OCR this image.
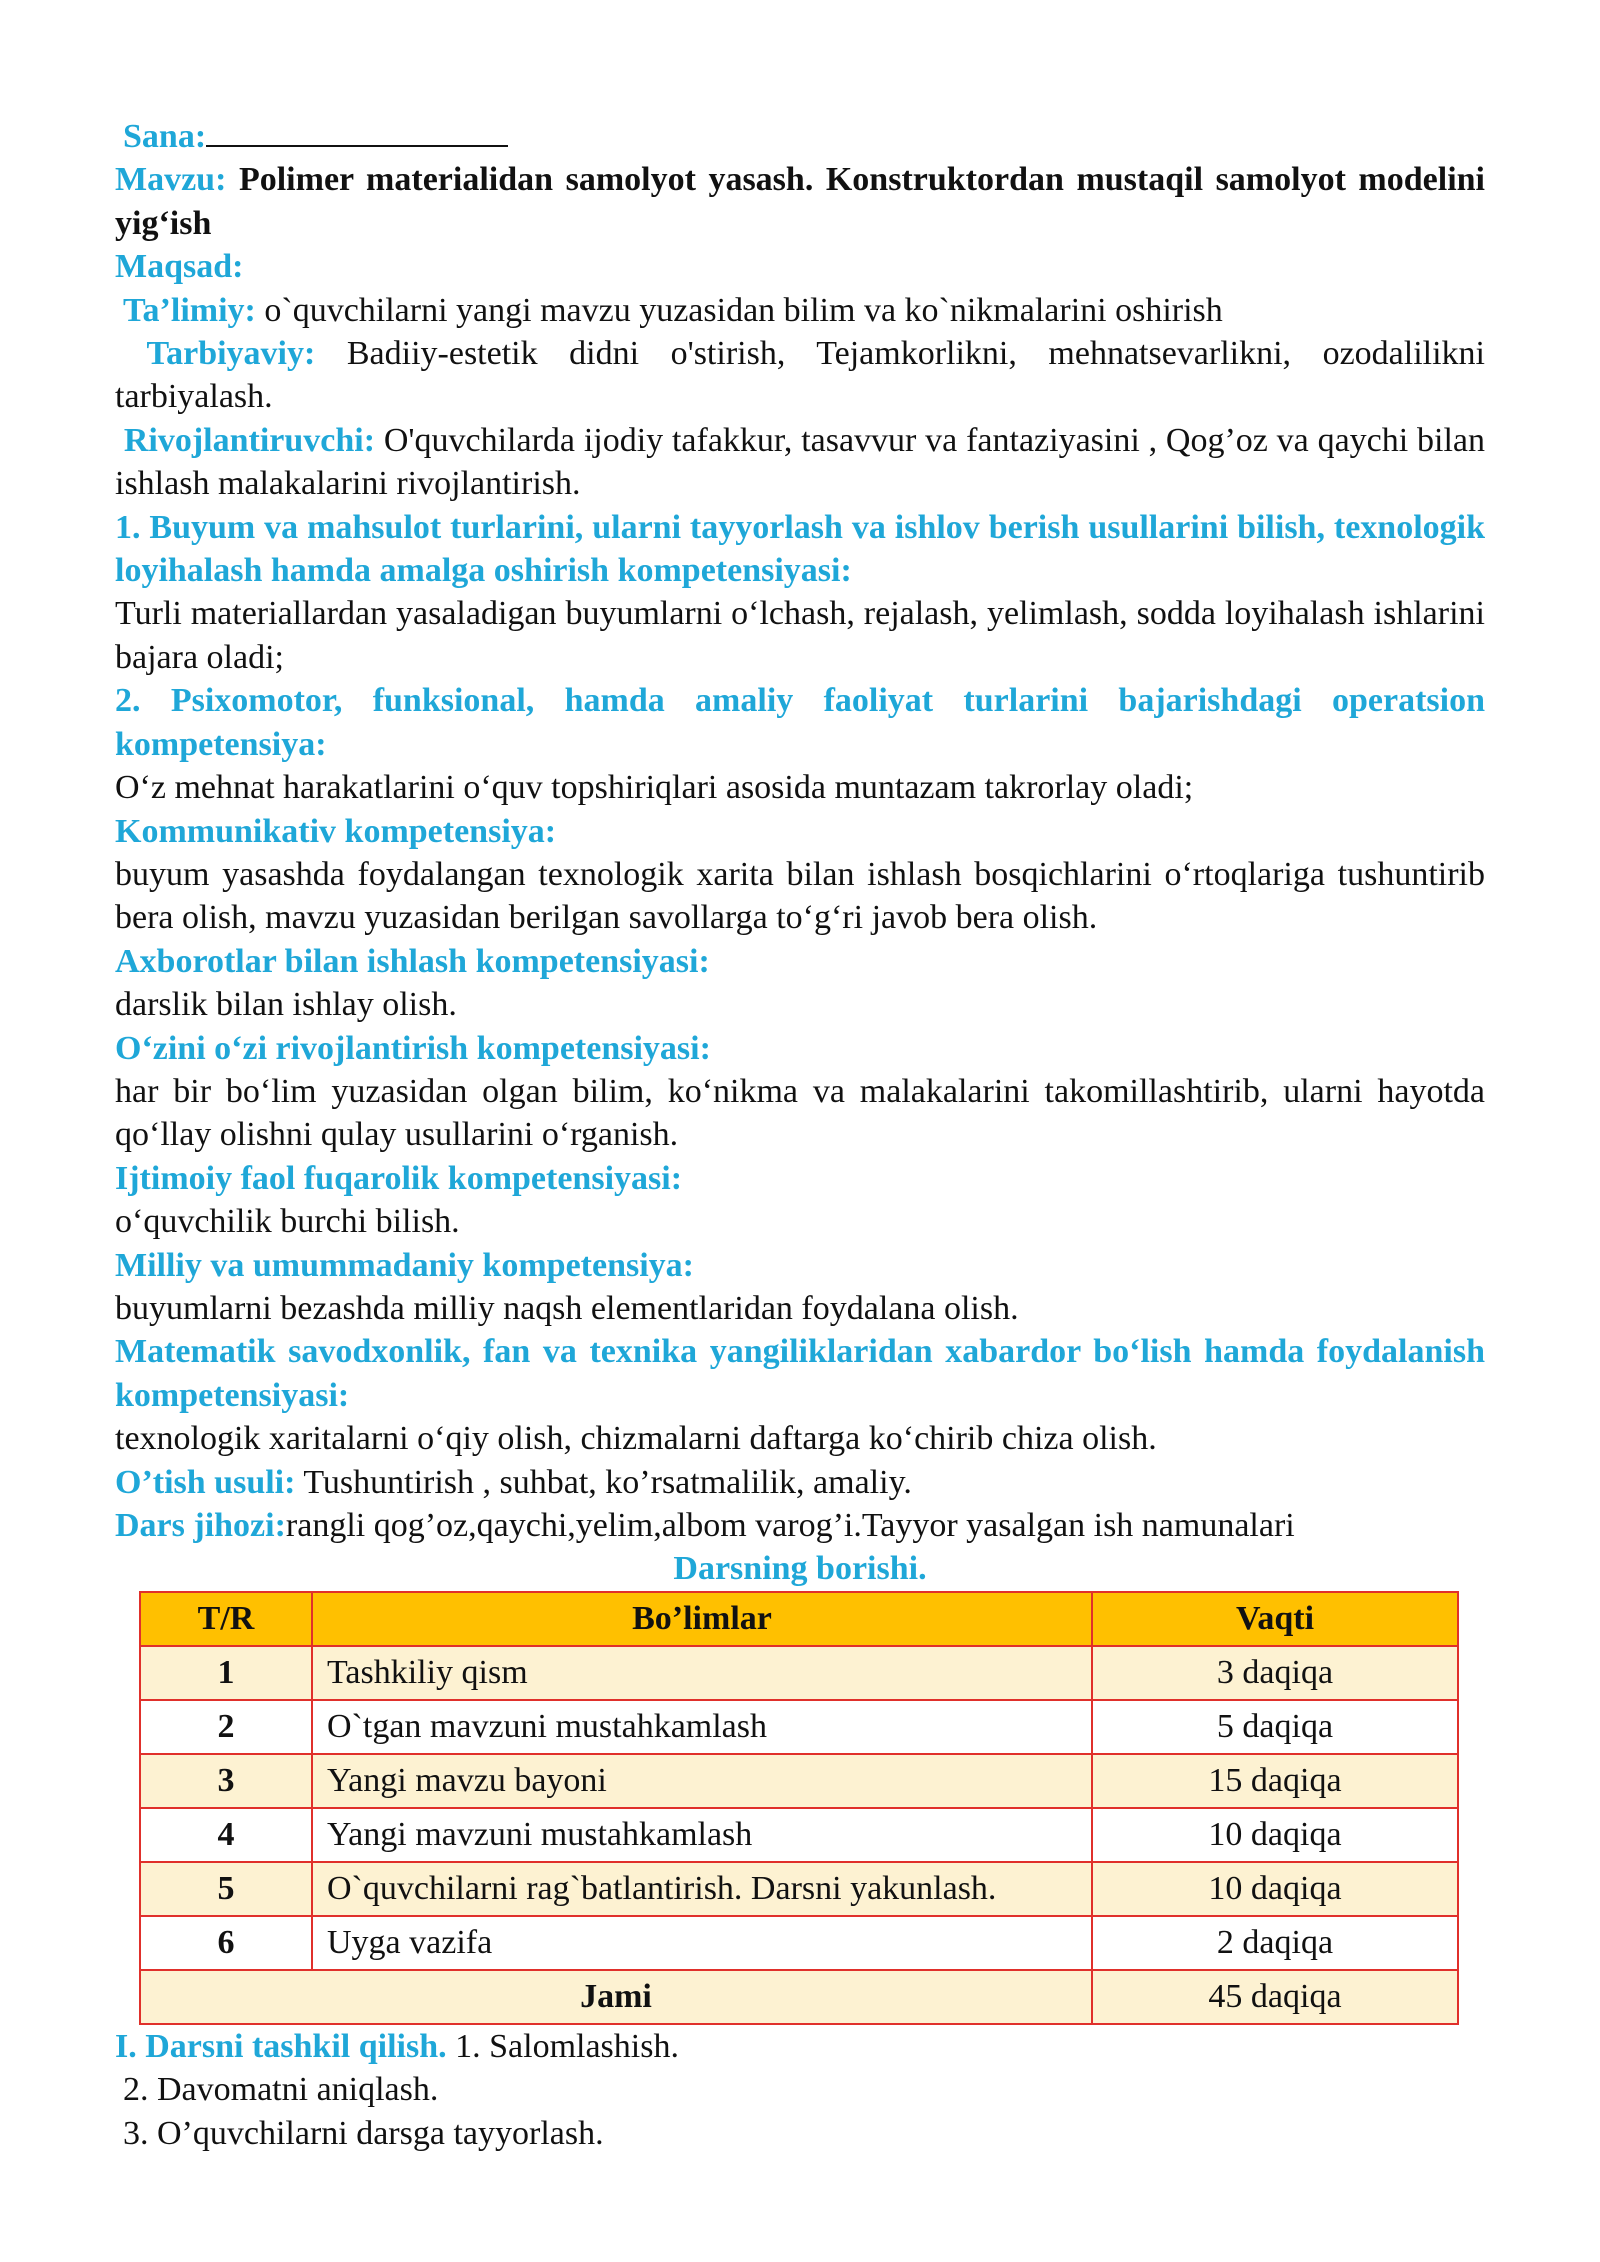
Sana:

Mavzu: Polimer materialidan samolyot yasash. Konstruktordan mustaqil samolyot modelini yig‘ish

Maqsad:

Ta’limiy: o`quvchilarni yangi mavzu yuzasidan bilim va ko`nikmalarini oshirish

Tarbiyaviy: Badiiy-estetik didni o'stirish, Tejamkorlikni, mehnatsevarlikni, ozodalilikni tarbiyalash.

Rivojlantiruvchi: O'quvchilarda ijodiy tafakkur, tasavvur va fantaziyasini , Qog’oz va qaychi bilan ishlash malakalarini rivojlantirish.

1. Buyum va mahsulot turlarini, ularni tayyorlash va ishlov berish usullarini bilish, texnologik loyihalash hamda amalga oshirish kompetensiyasi:

Turli materiallardan yasaladigan buyumlarni o‘lchash, rejalash, yelimlash, sodda loyihalash ishlarini bajara oladi;

2. Psixomotor, funksional, hamda amaliy faoliyat turlarini bajarishdagi operatsion kompetensiya:

O‘z mehnat harakatlarini o‘quv topshiriqlari asosida muntazam takrorlay oladi;

Kommunikativ kompetensiya:

buyum yasashda foydalangan texnologik xarita bilan ishlash bosqichlarini o‘rtoqlariga tushuntirib bera olish, mavzu yuzasidan berilgan savollarga to‘g‘ri javob bera olish.

Axborotlar bilan ishlash kompetensiyasi:

darslik bilan ishlay olish.

O‘zini o‘zi rivojlantirish kompetensiyasi:

har bir bo‘lim yuzasidan olgan bilim, ko‘nikma va malakalarini takomillashtirib, ularni hayotda qo‘llay olishni qulay usullarini o‘rganish.

Ijtimoiy faol fuqarolik kompetensiyasi:

o‘quvchilik burchi bilish.

Milliy va umummadaniy kompetensiya:

buyumlarni bezashda milliy naqsh elementlaridan foydalana olish.

Matematik savodxonlik, fan va texnika yangiliklaridan xabardor bo‘lish hamda foydalanish kompetensiyasi:

texnologik xaritalarni o‘qiy olish, chizmalarni daftarga ko‘chirib chiza olish.

O’tish usuli: Tushuntirish , suhbat, ko’rsatmalilik, amaliy.

Dars jihozi:rangli qog’oz,qaychi,yelim,albom varog’i.Tayyor yasalgan ish namunalari

Darsning borishi.

T/R	Bo’limlar	Vaqti
1	Tashkiliy qism	3 daqiqa
2	O`tgan mavzuni mustahkamlash	5 daqiqa
3	Yangi mavzu bayoni	15 daqiqa
4	Yangi mavzuni mustahkamlash	10 daqiqa
5	O`quvchilarni rag`batlantirish. Darsni yakunlash.	10 daqiqa
6	Uyga vazifa	2 daqiqa
Jami		45 daqiqa

I. Darsni tashkil qilish. 1. Salomlashish.

2. Davomatni aniqlash.

3. O’quvchilarni darsga tayyorlash.
